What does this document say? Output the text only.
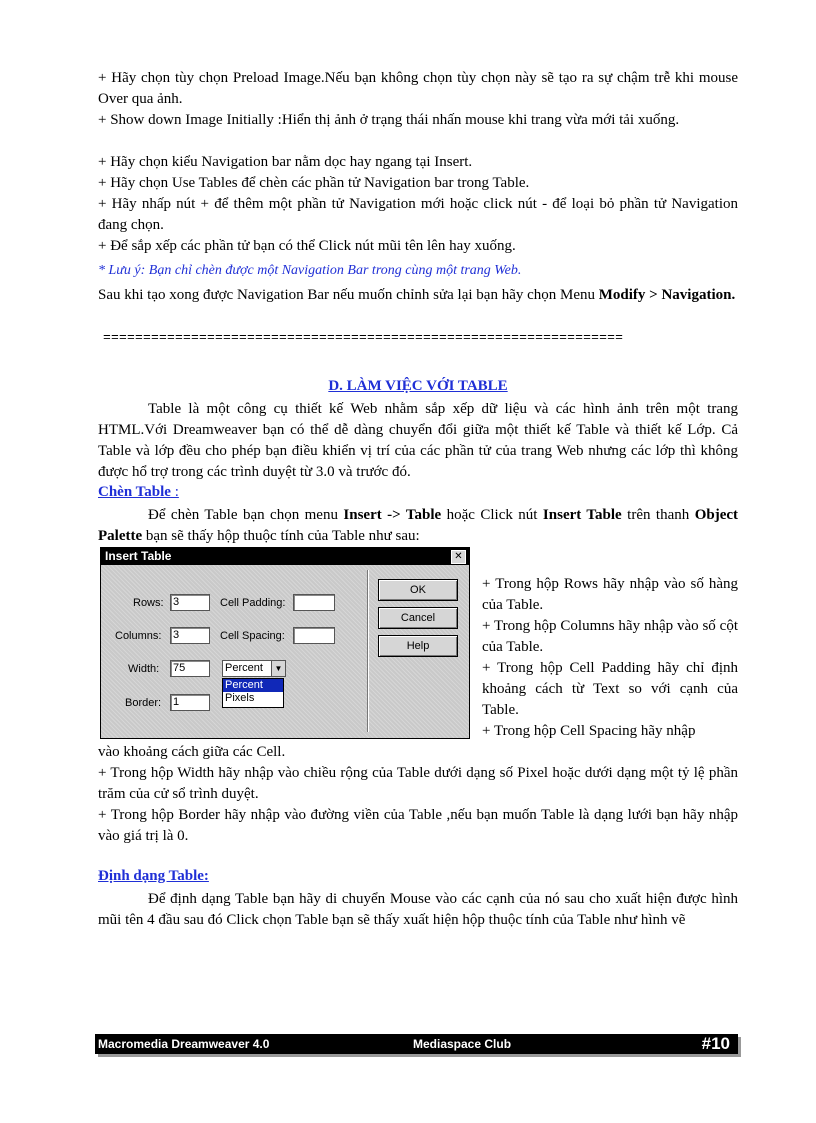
+ Hãy chọn tùy chọn Preload Image.Nếu bạn không chọn tùy chọn này sẽ tạo ra sự chậm trễ khi mouse Over qua ảnh.
+ Show down Image Initially :Hiển thị ảnh ở trạng thái nhấn mouse khi trang vừa mới tải xuống.
+ Hãy chọn kiểu Navigation bar nằm dọc hay ngang tại Insert.
+ Hãy chọn Use Tables để chèn các phần tử Navigation bar trong Table.
+ Hãy nhấp nút + để thêm một phần tử Navigation mới hoặc click nút - để loại bỏ phần tử Navigation đang chọn.
+ Để sắp xếp các phần tử bạn có thể Click nút mũi tên lên hay xuống.
* Lưu ý: Bạn chỉ chèn được một Navigation Bar trong cùng một trang Web.
Sau khi tạo xong được Navigation Bar nếu muốn chỉnh sửa lại bạn hãy chọn Menu Modify > Navigation.
=================================================================
D. LÀM VIỆC VỚI TABLE
Table là một công cụ thiết kế Web nhằm sắp xếp dữ liệu và các hình ảnh trên một trang HTML.Với Dreamweaver bạn có thể dễ dàng chuyển đổi giữa một thiết kế Table và thiết kế Lớp. Cả Table và lớp đều cho phép bạn điều khiển vị trí của các phần tử của trang Web nhưng các lớp thì không được hổ trợ trong các trình duyệt từ 3.0 và trước đó.
Chèn Table :
Để chèn Table bạn chọn menu Insert -> Table hoặc Click nút Insert Table trên thanh Object Palette bạn sẽ thấy hộp thuộc tính của Table như sau:
Insert Table	✕
Rows: 3	Cell Padding:
Columns: 3	Cell Spacing:
Width: 75	Percent	▼
Percent
Pixels
Border: 1
OK
Cancel
Help
+ Trong hộp Rows hãy nhập vào số hàng của Table.
+ Trong hộp Columns hãy nhập vào số cột của Table.
+ Trong hộp Cell Padding hãy chỉ định khoảng cách từ Text so với cạnh của Table.
+ Trong hộp Cell Spacing hãy nhập
vào khoảng cách giữa các Cell.
+ Trong hộp Width hãy nhập vào chiều rộng của Table dưới dạng số Pixel hoặc dưới dạng một tỷ lệ phần trăm của cử sổ trình duyệt.
+ Trong hộp Border hãy nhập vào đường viền của Table ,nếu bạn muốn Table là dạng lưới bạn hãy nhập vào giá trị là 0.
Định dạng Table:
Để định dạng Table bạn hãy di chuyển Mouse vào các cạnh của nó sau cho xuất hiện được hình mũi tên 4 đầu sau đó Click chọn Table bạn sẽ thấy xuất hiện hộp thuộc tính của Table như hình vẽ
Macromedia Dreamweaver 4.0	Mediaspace Club	#10
